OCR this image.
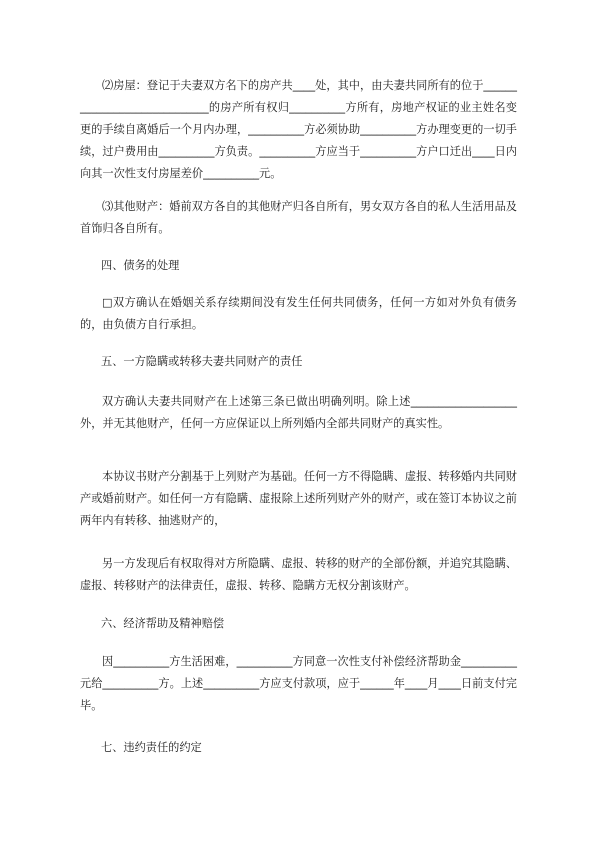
⑵房屋：登记于夫妻双方名下的房产共____处，其中，由夫妻共同所有的位于_____________________________的房产所有权归__________方所有，房地产权证的业主姓名变更的手续自离婚后一个月内办理，__________方必须协助__________方办理变更的一切手续，过户费用由__________方负责。__________方应当于__________方户口迁出____日内向其一次性支付房屋差价__________元。

⑶其他财产：婚前双方各自的其他财产归各自所有，男女双方各自的私人生活用品及首饰归各自所有。

四、债务的处理

□双方确认在婚姻关系存续期间没有发生任何共同债务，任何一方如对外负有债务的，由负债方自行承担。

五、一方隐瞒或转移夫妻共同财产的责任

双方确认夫妻共同财产在上述第三条已做出明确列明。除上述___________________外，并无其他财产，任何一方应保证以上所列婚内全部共同财产的真实性。

本协议书财产分割基于上列财产为基础。任何一方不得隐瞒、虚报、转移婚内共同财产或婚前财产。如任何一方有隐瞒、虚报除上述所列财产外的财产，或在签订本协议之前两年内有转移、抽逃财产的，

另一方发现后有权取得对方所隐瞒、虚报、转移的财产的全部份额，并追究其隐瞒、虚报、转移财产的法律责任，虚报、转移、隐瞒方无权分割该财产。

六、经济帮助及精神赔偿

因__________方生活困难，__________方同意一次性支付补偿经济帮助金__________元给__________方。上述__________方应支付款项，应于______年____月____日前支付完毕。

七、违约责任的约定
